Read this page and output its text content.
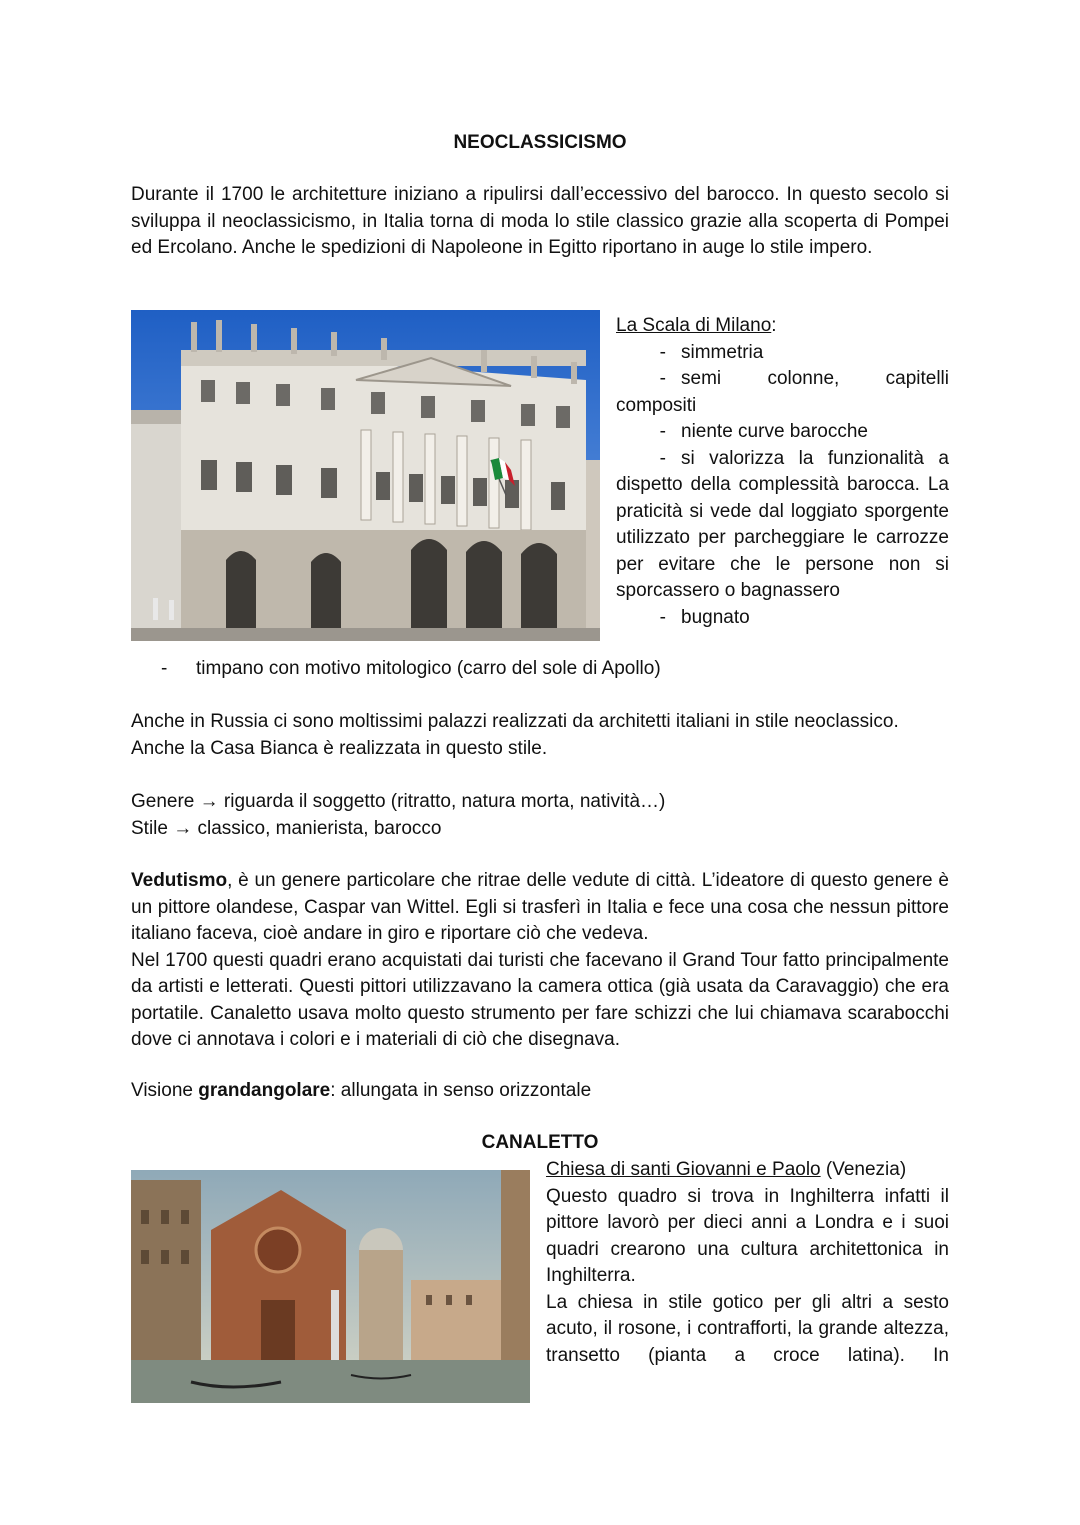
NEOCLASSICISMO

Durante il 1700 le architetture iniziano a ripulirsi dall’eccessivo del barocco. In questo secolo si sviluppa il neoclassicismo, in Italia torna di moda lo stile classico grazie alla scoperta di Pompei ed Ercolano. Anche le spedizioni di Napoleone in Egitto riportano in auge lo stile impero.

La Scala di Milano:

- simmetria
- semi colonne, capitelli

compositi

- niente curve barocche
- si valorizza la funzionalità a

dispetto della complessità barocca. La praticità si vede dal loggiato sporgente utilizzato per parcheggiare le carrozze per evitare che le persone non si sporcassero o bagnassero

- bugnato
-	timpano con motivo mitologico (carro del sole di Apollo)

Anche in Russia ci sono moltissimi palazzi realizzati da architetti italiani in stile neoclassico.

Anche la Casa Bianca è realizzata in questo stile.

Genere → riguarda il soggetto (ritratto, natura morta, natività…)

Stile → classico, manierista, barocco

Vedutismo, è un genere particolare che ritrae delle vedute di città. L’ideatore di questo genere è un pittore olandese, Caspar van Wittel. Egli si trasferì in Italia e fece una cosa che nessun pittore italiano faceva, cioè andare in giro e riportare ciò che vedeva.

Nel 1700 questi quadri erano acquistati dai turisti che facevano il Grand Tour fatto principalmente da artisti e letterati. Questi pittori utilizzavano la camera ottica (già usata da Caravaggio) che era portatile. Canaletto usava molto questo strumento per fare schizzi che lui chiamava scarabocchi dove ci annotava i colori e i materiali di ciò che disegnava.

Visione grandangolare: allungata in senso orizzontale

CANALETTO

Chiesa di santi Giovanni e Paolo (Venezia)

Questo quadro si trova in Inghilterra infatti il pittore lavorò per dieci anni a Londra e i suoi quadri crearono una cultura architettonica in Inghilterra.

La chiesa in stile gotico per gli altri a sesto acuto, il rosone, i contrafforti, la grande altezza, transetto (pianta a croce latina). In
